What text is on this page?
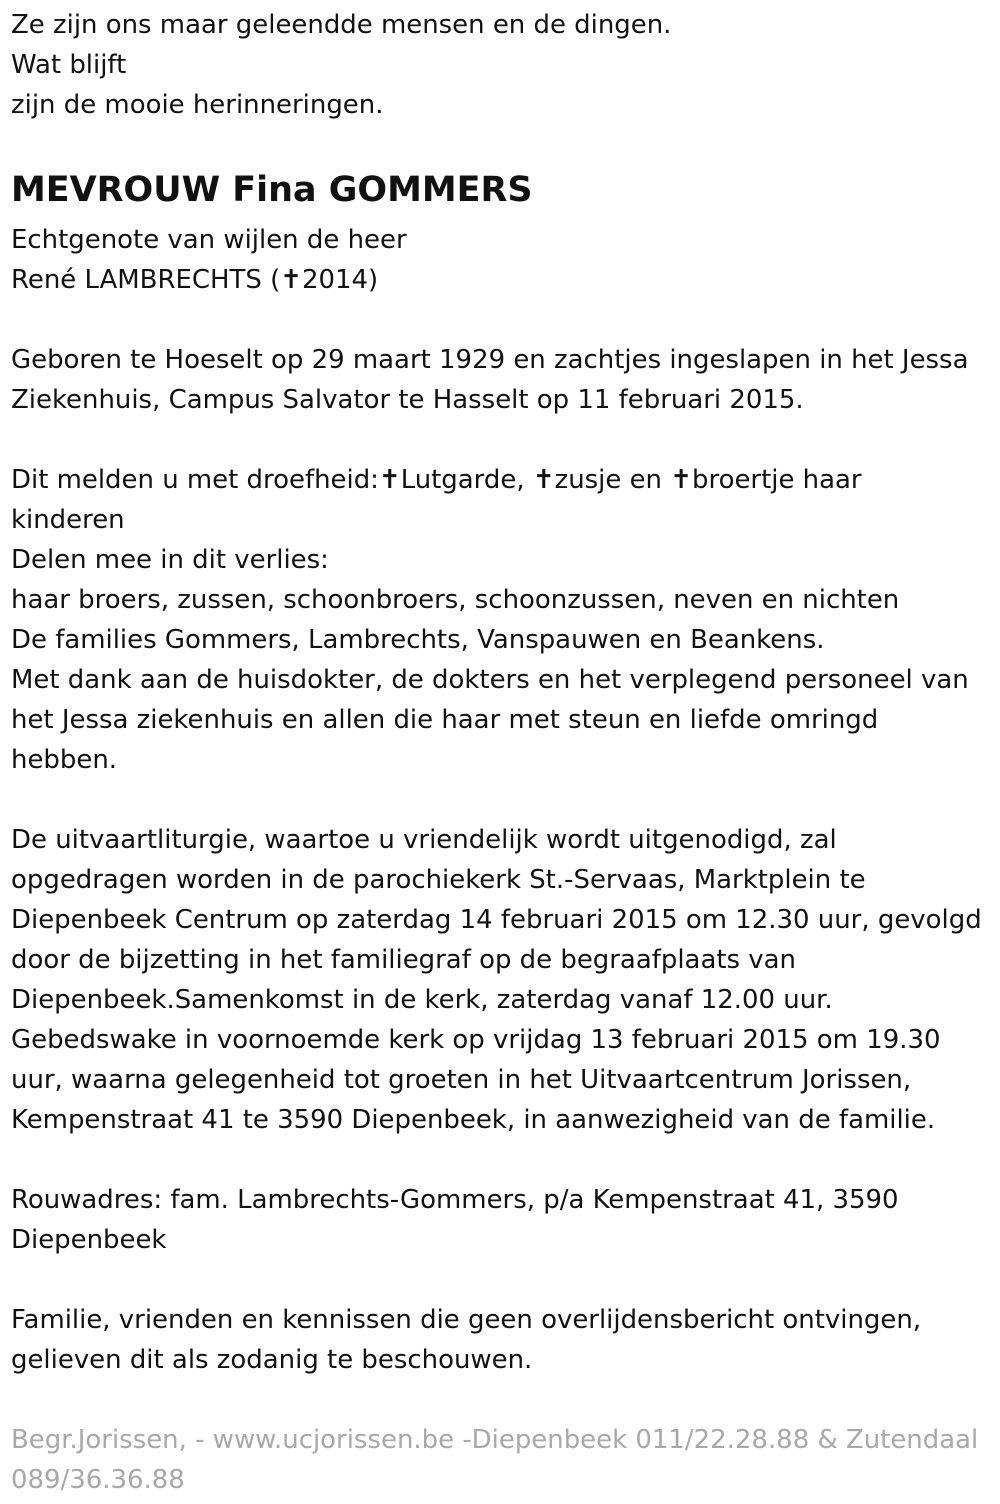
Ze zijn ons maar geleendde mensen en de dingen.
Wat blijft
zijn de mooie herinneringen.
MEVROUW Fina GOMMERS
Echtgenote van wijlen de heer
René LAMBRECHTS (✝2014)
Geboren te Hoeselt op 29 maart 1929 en zachtjes ingeslapen in het Jessa
Ziekenhuis, Campus Salvator te Hasselt op 11 februari 2015.
Dit melden u met droefheid:✝Lutgarde, ✝zusje en ✝broertje haar
kinderen
Delen mee in dit verlies:
haar broers, zussen, schoonbroers, schoonzussen, neven en nichten
De families Gommers, Lambrechts, Vanspauwen en Beankens.
Met dank aan de huisdokter, de dokters en het verplegend personeel van
het Jessa ziekenhuis en allen die haar met steun en liefde omringd
hebben.
De uitvaartliturgie, waartoe u vriendelijk wordt uitgenodigd, zal
opgedragen worden in de parochiekerk St.-Servaas, Marktplein te
Diepenbeek Centrum op zaterdag 14 februari 2015 om 12.30 uur, gevolgd
door de bijzetting in het familiegraf op de begraafplaats van
Diepenbeek.Samenkomst in de kerk, zaterdag vanaf 12.00 uur.
Gebedswake in voornoemde kerk op vrijdag 13 februari 2015 om 19.30
uur, waarna gelegenheid tot groeten in het Uitvaartcentrum Jorissen,
Kempenstraat 41 te 3590 Diepenbeek, in aanwezigheid van de familie.
Rouwadres: fam. Lambrechts-Gommers, p/a Kempenstraat 41, 3590
Diepenbeek
Familie, vrienden en kennissen die geen overlijdensbericht ontvingen,
gelieven dit als zodanig te beschouwen.
Begr.Jorissen, - www.ucjorissen.be -Diepenbeek 011/22.28.88 & Zutendaal
089/36.36.88
